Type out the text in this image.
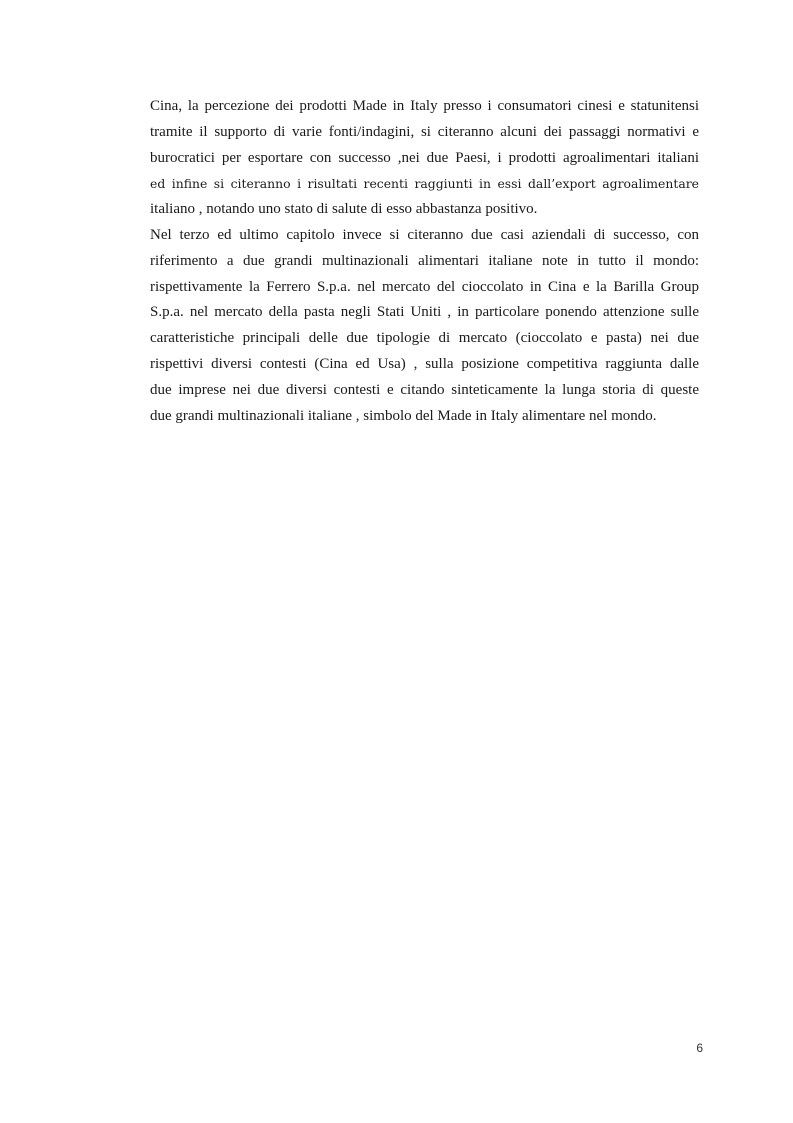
Cina, la percezione dei prodotti Made in Italy presso i consumatori cinesi e statunitensi
tramite il supporto di varie fonti/indagini, si citeranno alcuni dei passaggi normativi e
burocratici per esportare con successo ,nei due Paesi, i prodotti agroalimentari italiani
ed infine si citeranno i risultati recenti raggiunti in essi dall’export agroalimentare
italiano , notando uno stato di salute di esso abbastanza positivo.
Nel terzo ed ultimo capitolo invece si citeranno due casi aziendali di successo, con
riferimento a due grandi multinazionali alimentari italiane note in tutto il mondo:
rispettivamente la Ferrero S.p.a. nel mercato del cioccolato in Cina e la Barilla Group
S.p.a. nel mercato della pasta negli Stati Uniti , in particolare ponendo attenzione sulle
caratteristiche principali delle due tipologie di mercato (cioccolato e pasta) nei due
rispettivi diversi contesti (Cina ed Usa) , sulla posizione competitiva raggiunta dalle
due imprese nei due diversi contesti e citando sinteticamente la lunga storia di queste
due grandi multinazionali italiane , simbolo del Made in Italy alimentare nel mondo.
6
